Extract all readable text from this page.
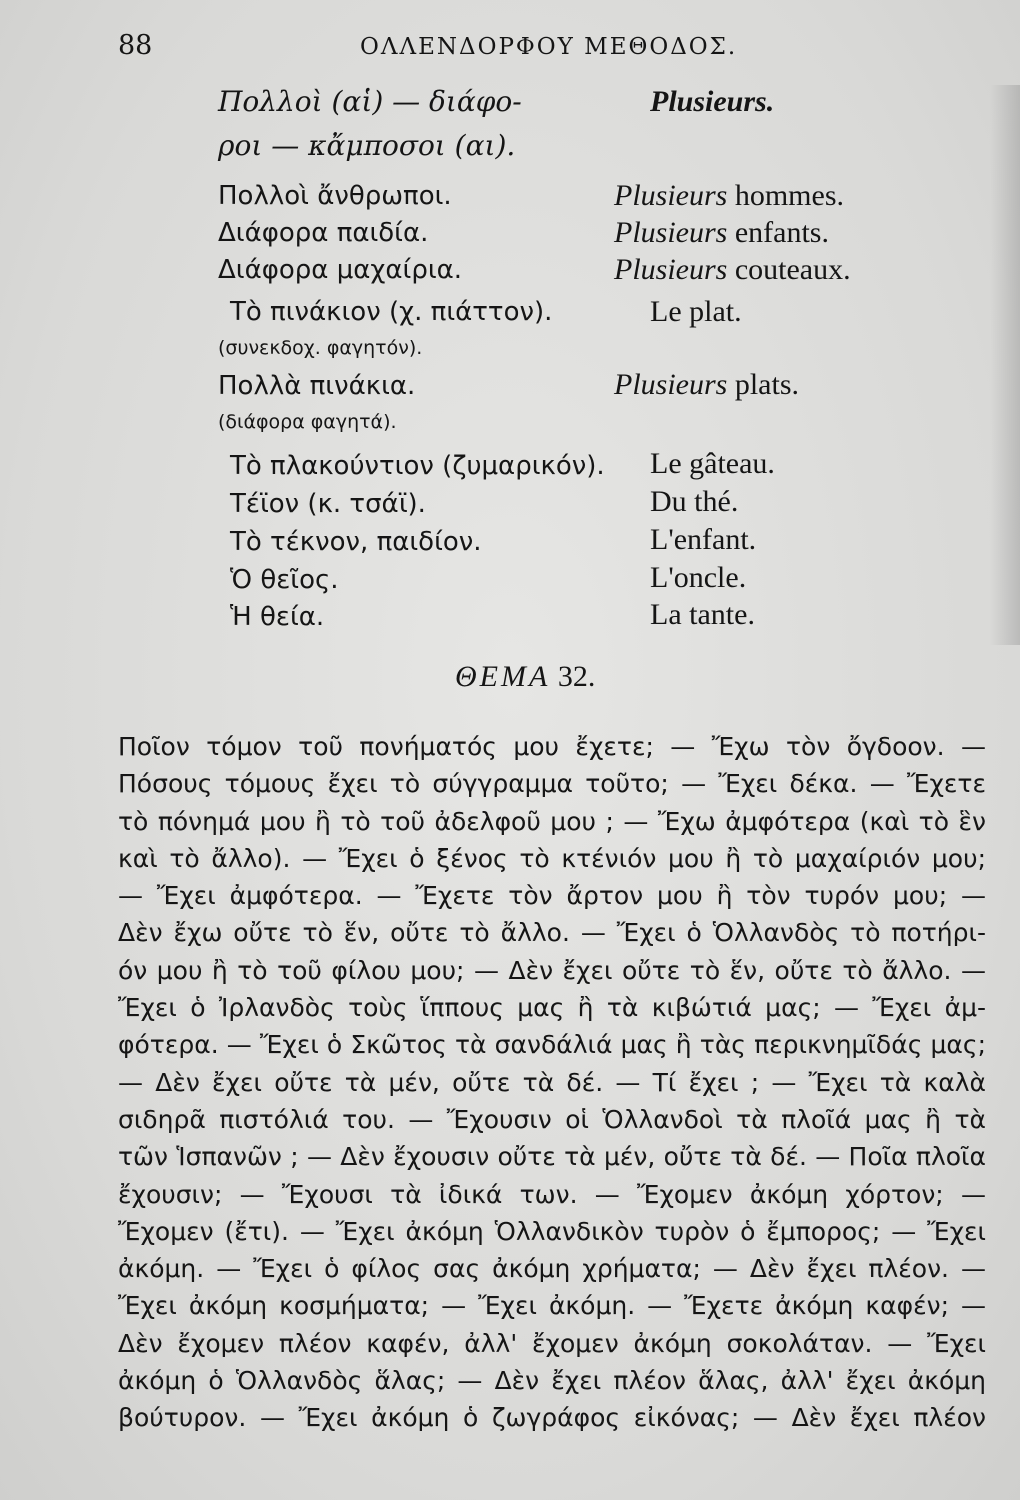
88	ΟΛΛΕΝΔΟΡΦΟΥ ΜΕΘΟΔΟΣ.
Πολλοὶ (αἱ) — διάφο-
ροι — κἄμποσοι (αι).
Plusieurs.
Πολλοὶ ἄνθρωποι.	Plusieurs hommes.
Διάφορα παιδία.	Plusieurs enfants.
Διάφορα μαχαίρια.	Plusieurs couteaux.
Τὸ πινάκιον (χ. πιάττον).	Le plat.
(συνεκδοχ. φαγητόν).
Πολλὰ πινάκια.	Plusieurs plats.
(διάφορα φαγητά).
Τὸ πλακούντιον (ζυμαρικόν). Le gâteau.
Τέϊον (κ. τσάϊ).	Du thé.
Τὸ τέκνον, παιδίον.	L'enfant.
Ὁ θεῖος.	L'oncle.
Ἡ θεία.	La tante.
ΘΕΜΑ 32.
Ποῖον τόμον τοῦ πονήματός μου ἔχετε; — Ἔχω τὸν ὄγδοον. —
Πόσους τόμους ἔχει τὸ σύγγραμμα τοῦτο; — Ἔχει δέκα. — Ἔχετε
τὸ πόνημά μου ἢ τὸ τοῦ ἀδελφοῦ μου ; — Ἔχω ἀμφότερα (καὶ τὸ ἓν
καὶ τὸ ἄλλο). — Ἔχει ὁ ξένος τὸ κτένιόν μου ἢ τὸ μαχαίριόν μου;
— Ἔχει ἀμφότερα. — Ἔχετε τὸν ἄρτον μου ἢ τὸν τυρόν μου; —
Δὲν ἔχω οὔτε τὸ ἕν, οὔτε τὸ ἄλλο. — Ἔχει ὁ Ὁλλανδὸς τὸ ποτήρι-
όν μου ἢ τὸ τοῦ φίλου μου; — Δὲν ἔχει οὔτε τὸ ἕν, οὔτε τὸ ἄλλο. —
Ἔχει ὁ Ἰρλανδὸς τοὺς ἵππους μας ἢ τὰ κιβώτιά μας; — Ἔχει ἀμ-
φότερα. — Ἔχει ὁ Σκῶτος τὰ σανδάλιά μας ἢ τὰς περικνημῖδάς μας;
— Δὲν ἔχει οὔτε τὰ μέν, οὔτε τὰ δέ. — Τί ἔχει ; — Ἔχει τὰ καλὰ
σιδηρᾶ πιστόλιά του. — Ἔχουσιν οἱ Ὁλλανδοὶ τὰ πλοῖά μας ἢ τὰ
τῶν Ἱσπανῶν ; — Δὲν ἔχουσιν οὔτε τὰ μέν, οὔτε τὰ δέ. — Ποῖα πλοῖα
ἔχουσιν; — Ἔχουσι τὰ ἰδικά των. — Ἔχομεν ἀκόμη χόρτον; —
Ἔχομεν (ἔτι). — Ἔχει ἀκόμη Ὁλλανδικὸν τυρὸν ὁ ἔμπορος; — Ἔχει
ἀκόμη. — Ἔχει ὁ φίλος σας ἀκόμη χρήματα; — Δὲν ἔχει πλέον. —
Ἔχει ἀκόμη κοσμήματα; — Ἔχει ἀκόμη. — Ἔχετε ἀκόμη καφέν; —
Δὲν ἔχομεν πλέον καφέν, ἀλλ' ἔχομεν ἀκόμη σοκολάταν. — Ἔχει
ἀκόμη ὁ Ὁλλανδὸς ἅλας; — Δὲν ἔχει πλέον ἅλας, ἀλλ' ἔχει ἀκόμη
βούτυρον. — Ἔχει ἀκόμη ὁ ζωγράφος εἰκόνας; — Δὲν ἔχει πλέον
